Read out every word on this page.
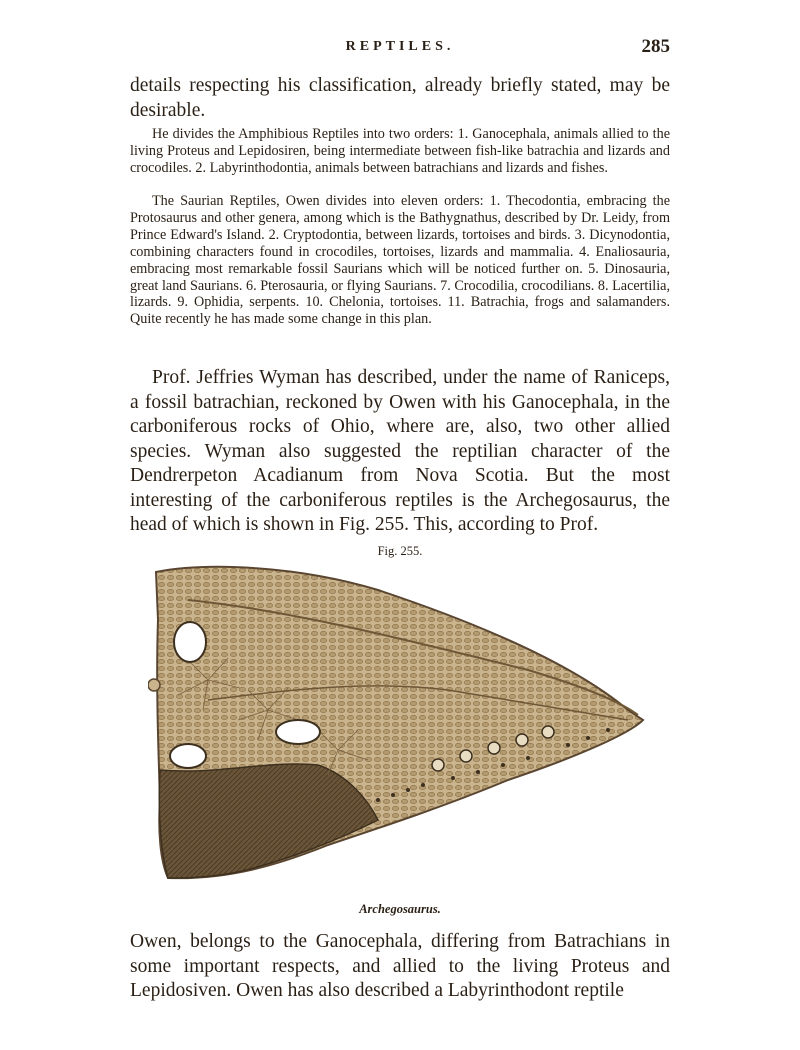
REPTILES.	285

details respecting his classification, already briefly stated, may be desirable.

He divides the Amphibious Reptiles into two orders: 1. Ganocephala, animals allied to the living Proteus and Lepidosiren, being intermediate between fish-like batrachia and lizards and crocodiles. 2. Labyrinthodontia, animals between batrachians and lizards and fishes.

The Saurian Reptiles, Owen divides into eleven orders: 1. Thecodontia, embracing the Protosaurus and other genera, among which is the Bathygnathus, described by Dr. Leidy, from Prince Edward's Island. 2. Cryptodontia, between lizards, tortoises and birds. 3. Dicynodontia, combining characters found in crocodiles, tortoises, lizards and mammalia. 4. Enaliosauria, embracing most remarkable fossil Saurians which will be noticed further on. 5. Dinosauria, great land Saurians. 6. Pterosauria, or flying Saurians. 7. Crocodilia, crocodilians. 8. Lacertilia, lizards. 9. Ophidia, serpents. 10. Chelonia, tortoises. 11. Batrachia, frogs and salamanders. Quite recently he has made some change in this plan.

Prof. Jeffries Wyman has described, under the name of Raniceps, a fossil batrachian, reckoned by Owen with his Ganocephala, in the carboniferous rocks of Ohio, where are, also, two other allied species. Wyman also suggested the reptilian character of the Dendrerpeton Acadianum from Nova Scotia. But the most interesting of the carboniferous reptiles is the Archegosaurus, the head of which is shown in Fig. 255. This, according to Prof.

Fig. 255.
Archegosaurus.

Owen, belongs to the Ganocephala, differing from Batrachians in some important respects, and allied to the living Proteus and Lepidosiven. Owen has also described a Labyrinthodont reptile
